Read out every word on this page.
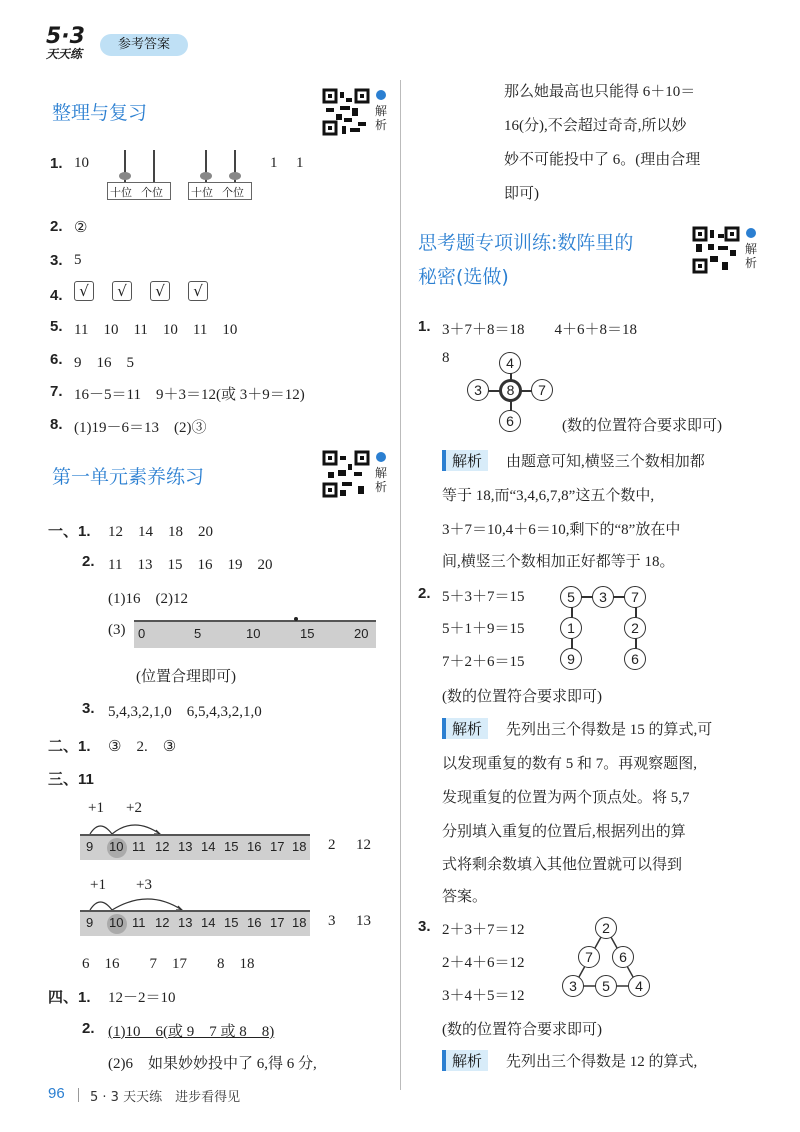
5·3
天天练
参考答案
整理与复习	解
析
1. 10
十位 个位	十位 个位
1 1
2. ②
3. 5
4.	√	√	√	√
5. 11　10　11　10　11　10
6. 9　16　5
7. 16－5＝11　9＋3＝12(或 3＋9＝12)
8. (1)19－6＝13　(2)③
第一单元素养练习	解
析
一、1. 12　14　18　20
2. 11　13　15　16　19　20
(1)16　(2)12
(3) 0	5	10	15	20
(位置合理即可)
3. 5,4,3,2,1,0　6,5,4,3,2,1,0
二、1. ③　2.　③
三、11
+1 +2
9 10 11 12 13 14 15 16 17 18 2 12
+1 +3
9 10 11 12 13 14 15 16 17 18 3 13
6　16　　7　17　　8　18
四、1. 12－2＝10
2. (1)10　6(或 9　7 或 8　8)
(2)6　如果妙妙投中了 6,得 6 分,
那么她最高也只能得 6＋10＝
16(分),不会超过奇奇,所以妙
妙不可能投中了 6。(理由合理
即可)
思考题专项训练:数阵里的
秘密(选做)
解
析
1. 3＋7＋8＝18　　4＋6＋8＝18
8	4
3	8	7
6	(数的位置符合要求即可)
解析	由题意可知,横竖三个数相加都
等于 18,而“3,4,6,7,8”这五个数中,
3＋7＝10,4＋6＝10,剩下的“8”放在中
间,横竖三个数相加正好都等于 18。
2. 5＋3＋7＝15
5＋1＋9＝15
7＋2＋6＝15
5	3	7
1	2
9	6
(数的位置符合要求即可)
解析	先列出三个得数是 15 的算式,可
以发现重复的数有 5 和 7。再观察题图,
发现重复的位置为两个顶点处。将 5,7
分别填入重复的位置后,根据列出的算
式将剩余数填入其他位置就可以得到
答案。
3. 2＋3＋7＝12
2＋4＋6＝12
3＋4＋5＝12
2
7	6
3	5	4
(数的位置符合要求即可)
解析	先列出三个得数是 12 的算式,
96 5 · 3 天天练　进步看得见
